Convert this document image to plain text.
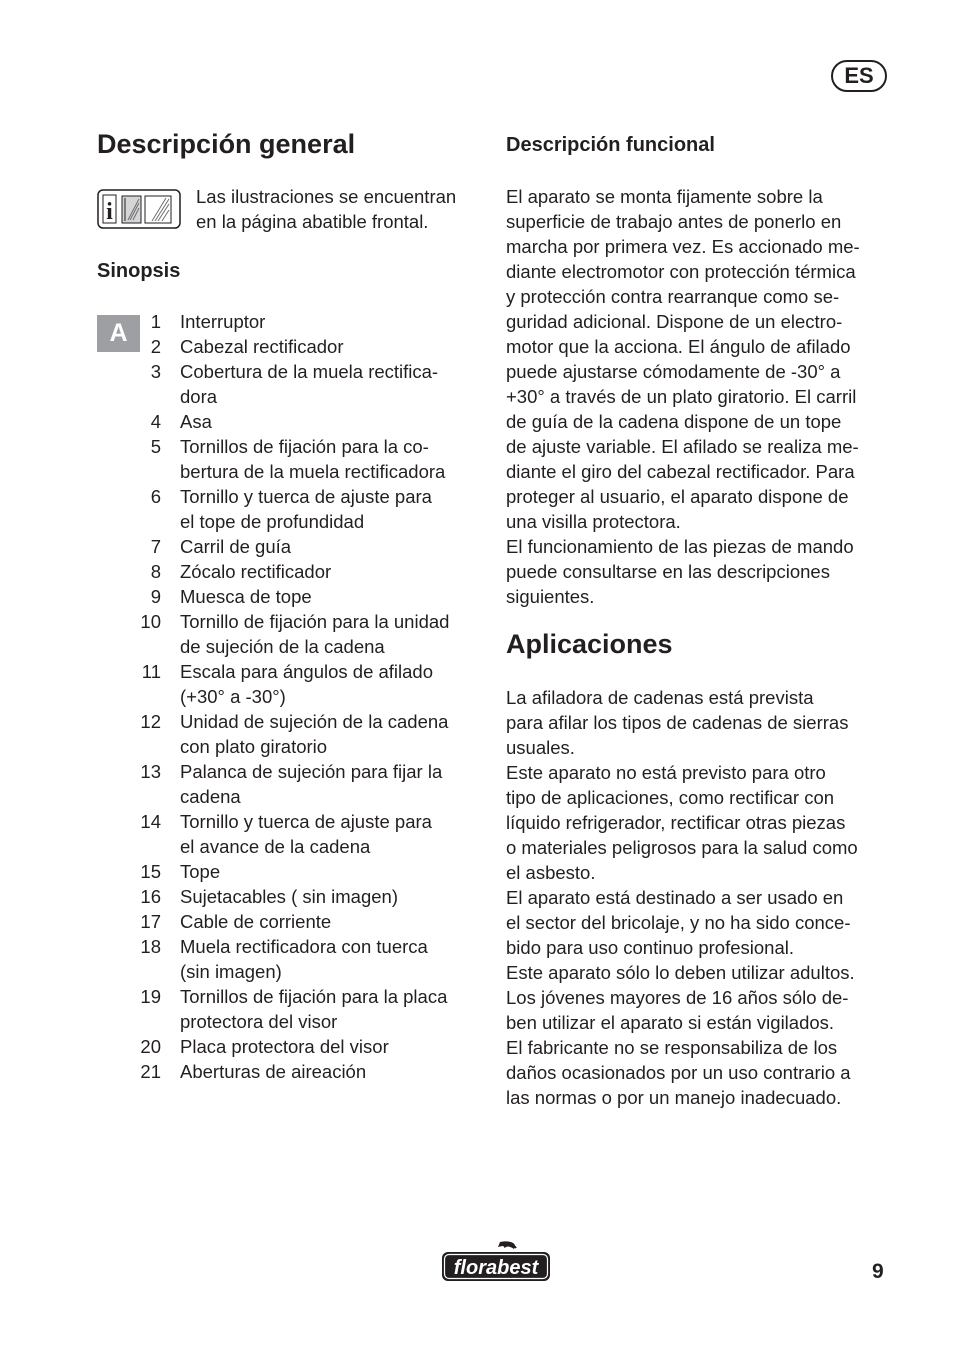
ES
Descripción general
i

Las ilustraciones se encuentran
en la página abatible frontal.

Sinopsis
A	1 Interruptor
2 Cabezal rectificador
3 Cobertura de la muela rectifica-
dora
4 Asa
5 Tornillos de fijación para la co-
bertura de la muela rectificadora
6 Tornillo y tuerca de ajuste para
el tope de profundidad
7 Carril de guía
8 Zócalo rectificador
9 Muesca de tope
10 Tornillo de fijación para la unidad
de sujeción de la cadena
11 Escala para ángulos de afilado
(+30° a -30°)
12 Unidad de sujeción de la cadena
con plato giratorio
13 Palanca de sujeción para fijar la
cadena
14 Tornillo y tuerca de ajuste para
el avance de la cadena
15 Tope
16 Sujetacables ( sin imagen)
17 Cable de corriente
18 Muela rectificadora con tuerca
(sin imagen)
19 Tornillos de fijación para la placa
protectora del visor
20 Placa protectora del visor
21 Aberturas de aireación
Descripción funcional

El aparato se monta fijamente sobre la
superficie de trabajo antes de ponerlo en
marcha por primera vez. Es accionado me-
diante electromotor con protección térmica
y protección contra rearranque como se-
guridad adicional. Dispone de un electro-
motor que la acciona. El ángulo de afilado
puede ajustarse cómodamente de -30° a
+30° a través de un plato giratorio. El carril
de guía de la cadena dispone de un tope
de ajuste variable. El afilado se realiza me-
diante el giro del cabezal rectificador. Para
proteger al usuario, el aparato dispone de
una visilla protectora.

El funcionamiento de las piezas de mando
puede consultarse en las descripciones
siguientes.

Aplicaciones

La afiladora de cadenas está prevista
para afilar los tipos de cadenas de sierras
usuales.

Este aparato no está previsto para otro
tipo de aplicaciones, como rectificar con
líquido refrigerador, rectificar otras piezas
o materiales peligrosos para la salud como
el asbesto.

El aparato está destinado a ser usado en
el sector del bricolaje, y no ha sido conce-
bido para uso continuo profesional.

Este aparato sólo lo deben utilizar adultos.
Los jóvenes mayores de 16 años sólo de-
ben utilizar el aparato si están vigilados.

El fabricante no se responsabiliza de los
daños ocasionados por un uso contrario a
las normas o por un manejo inadecuado.

florabest	9
